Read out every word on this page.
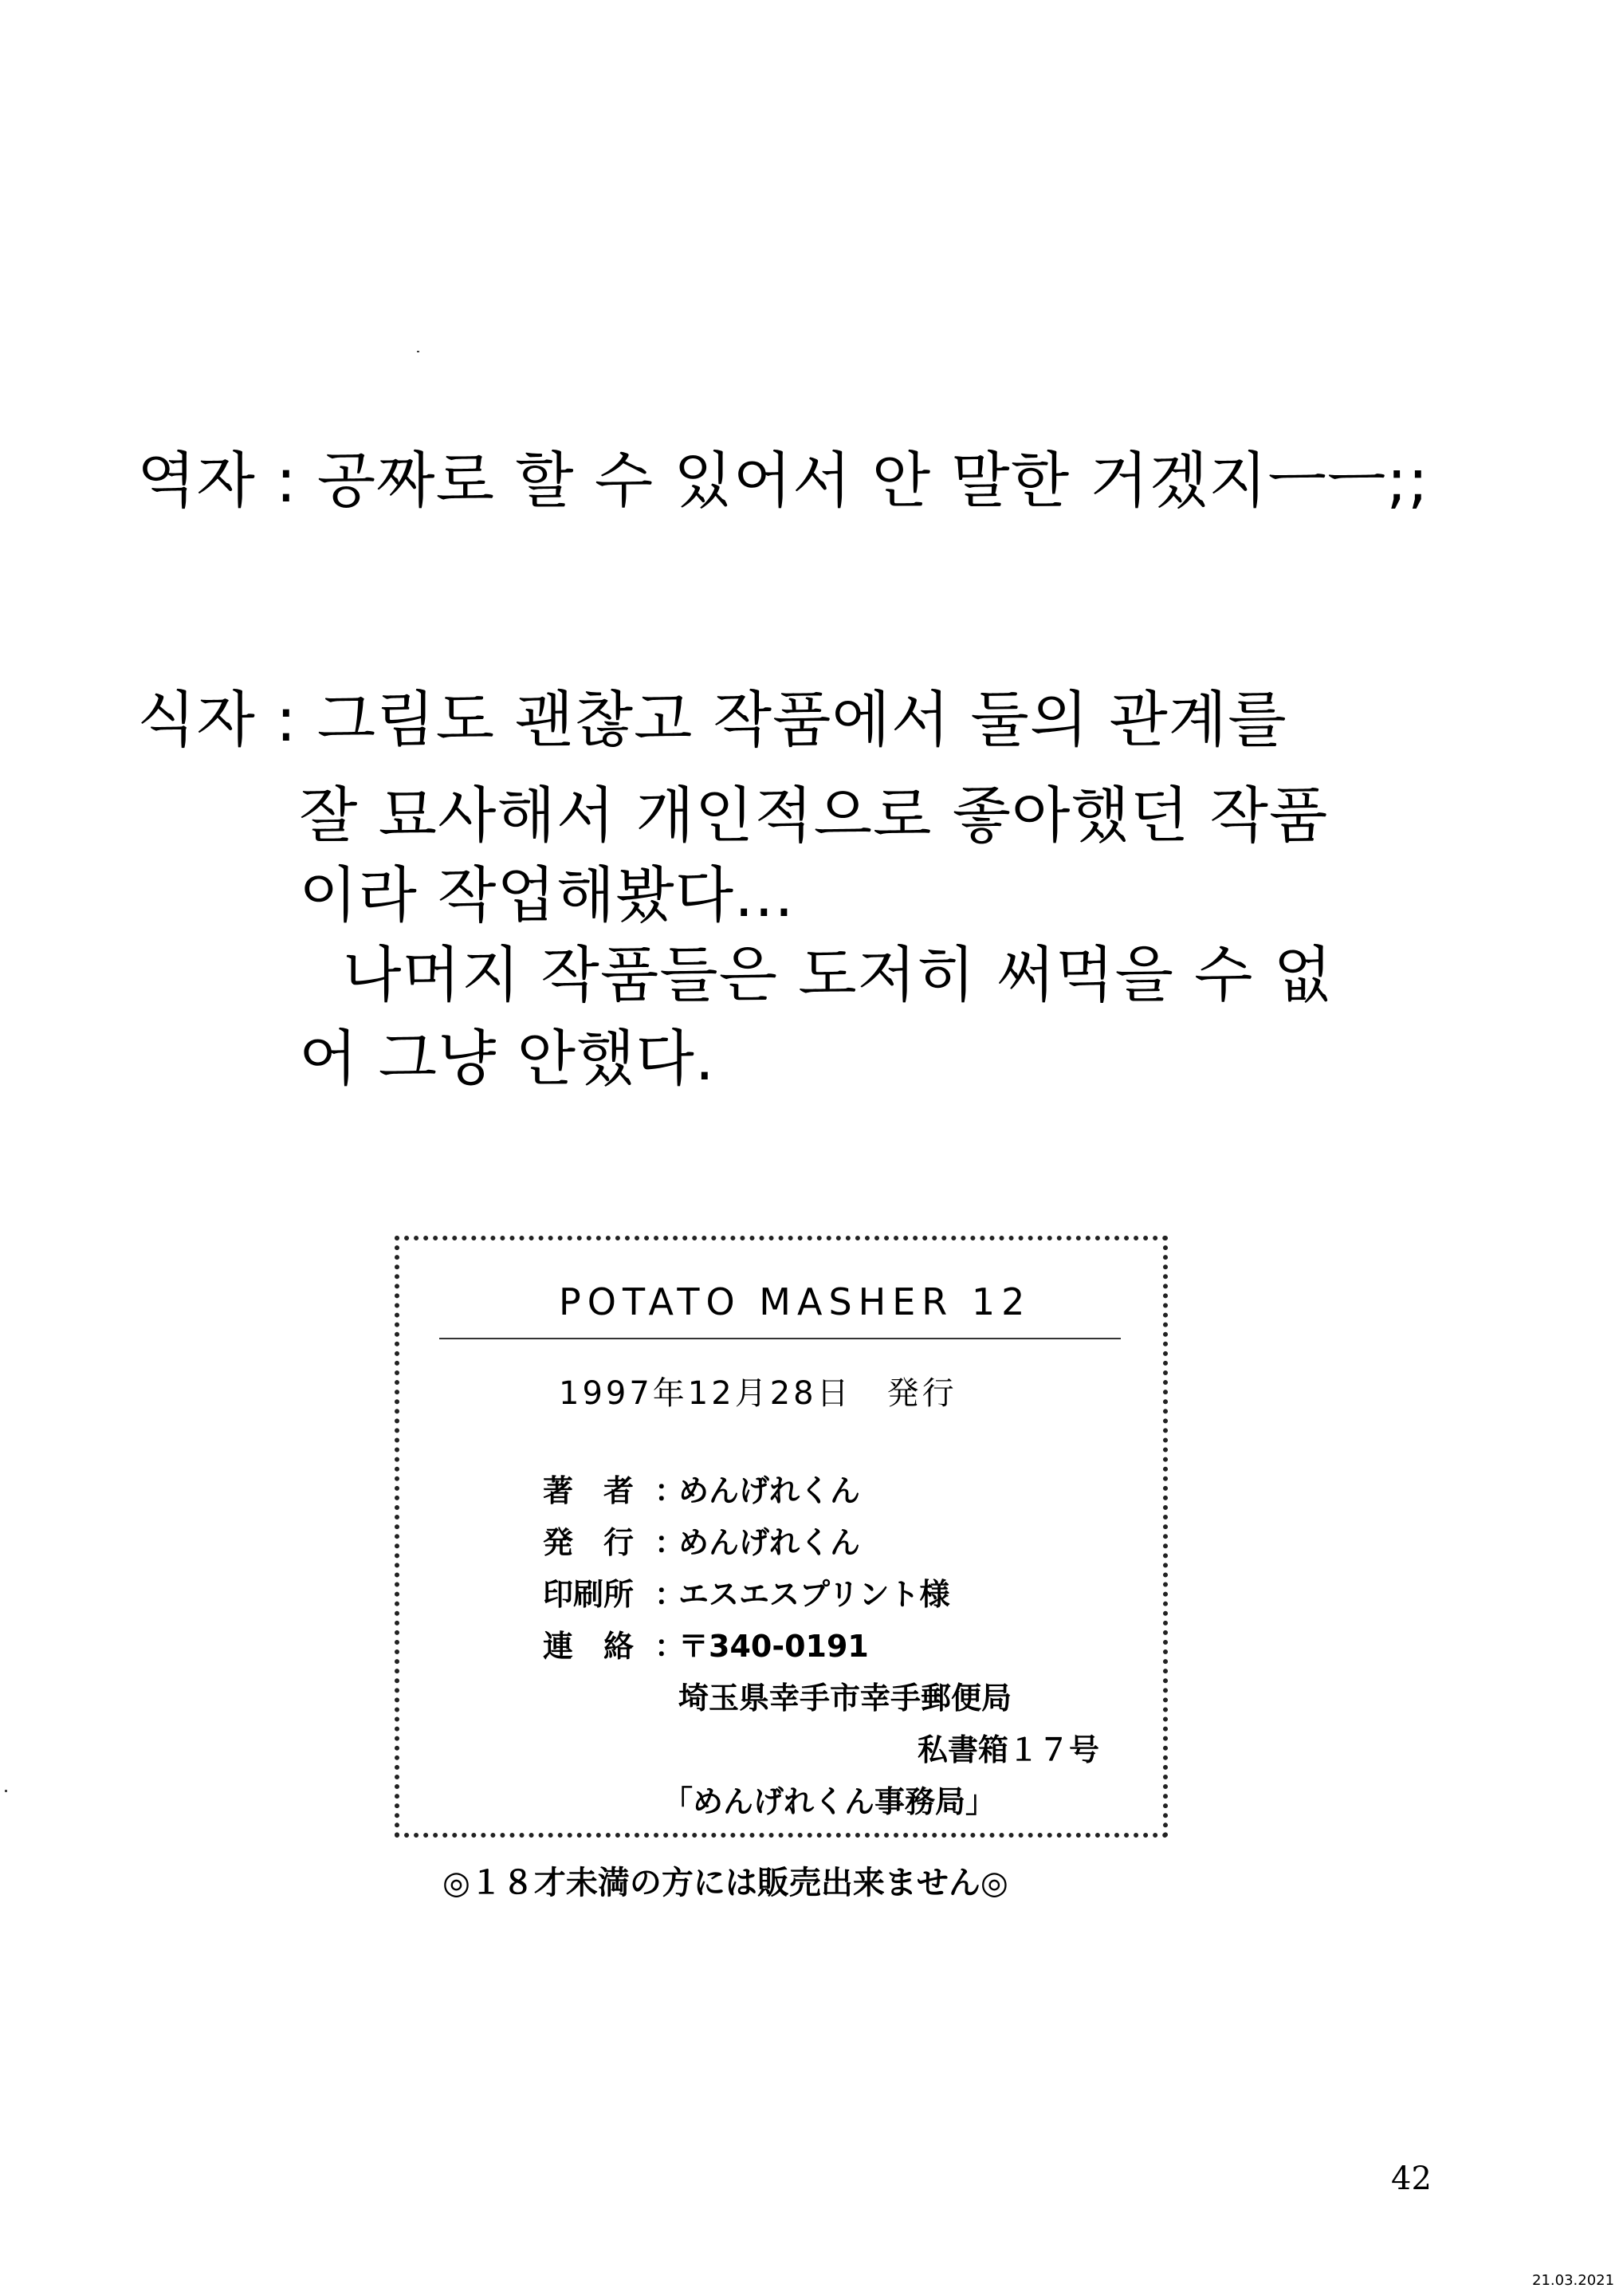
역자 : 공짜로 할 수 있어서 안 말한 거겠지ㅡㅡ;;
식자 : 그림도 괜찮고 작품에서 둘의 관계를
잘 묘사해서 개인적으로 좋아했던 작품
이라 작업해봤다...
나머지 작품들은 도저히 써먹을 수 없
어 그냥 안했다.
POTATO MASHER 12
1997年12月28日　発行
著　者 ：めんげれくん
発　行 ：めんげれくん
印刷所 ：エスエスプリント様
連　絡 ：〒340-0191
埼玉県幸手市幸手郵便局
私書箱１７号
「めんげれくん事務局」
◎１８才未満の方には販売出来ません◎
42
21.03.2021
